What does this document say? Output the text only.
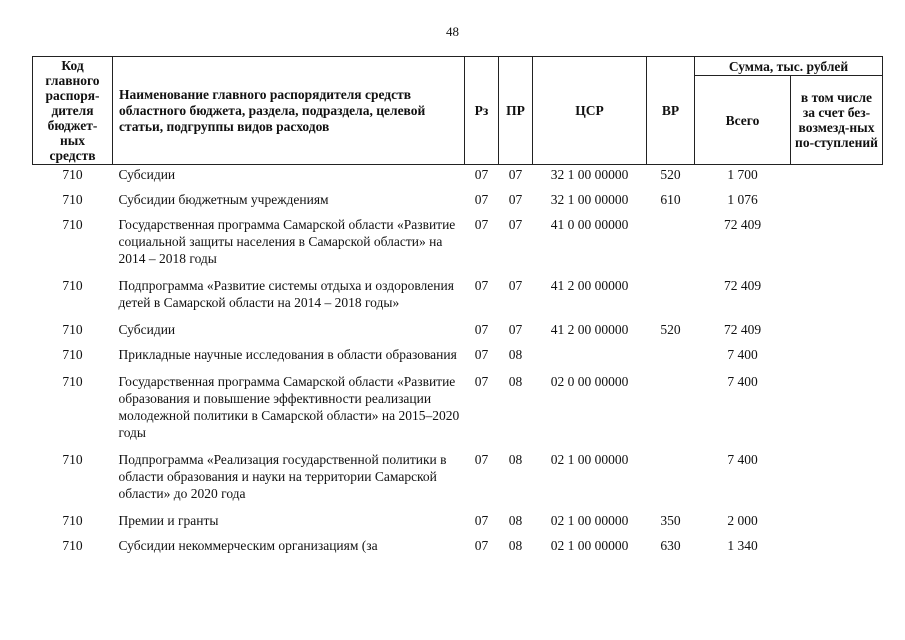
48
Код главного распоря-дителя бюджет-ных средств	Наименование главного распорядителя средств областного бюджета, раздела, подраздела, целевой статьи, подгруппы видов расходов	Рз	ПР	ЦСР	ВР	Сумма, тыс. рублей	
						Всего	в том числе за счет без-возмезд-ных по-ступлений
710	Субсидии	07	07	32 1 00 00000	520	1 700	
710	Субсидии бюджетным учреждениям	07	07	32 1 00 00000	610	1 076	
710	Государственная программа Самарской области «Развитие социальной защиты населения в Самарской области» на 2014 – 2018 годы	07	07	41 0 00 00000		72 409	
710	Подпрограмма «Развитие системы отдыха и оздоровления детей в Самарской области на 2014 – 2018 годы»	07	07	41 2 00 00000		72 409	
710	Субсидии	07	07	41 2 00 00000	520	72 409	
710	Прикладные научные исследования в области образования	07	08			7 400	
710	Государственная программа Самарской области «Развитие образования и повышение эффективности реализации молодежной политики в Самарской области» на 2015–2020 годы	07	08	02 0 00 00000		7 400	
710	Подпрограмма «Реализация государственной политики в области образования и науки на территории Самарской области» до 2020 года	07	08	02 1 00 00000		7 400	
710	Премии и гранты	07	08	02 1 00 00000	350	2 000	
710	Субсидии некоммерческим организациям (за	07	08	02 1 00 00000	630	1 340	
